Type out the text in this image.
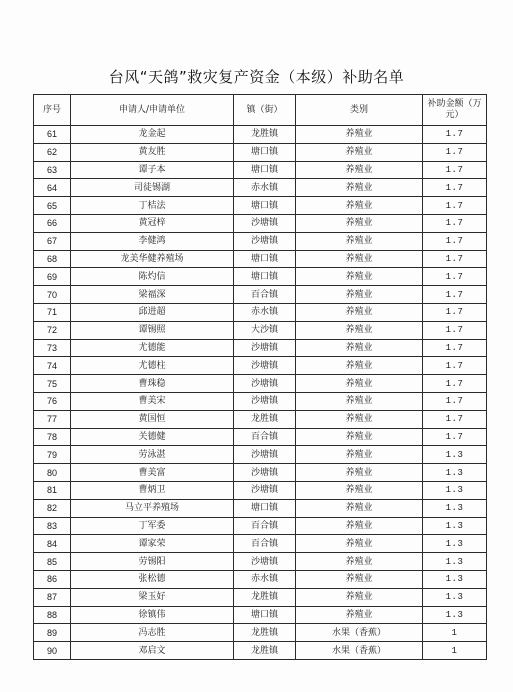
台风“天鸽”救灾复产资金（本级）补助名单
序号	申请人/申请单位	镇（街）	类别	补助金额（万元）
61	龙金起	龙胜镇	养殖业	1.7
62	黄友胜	塘口镇	养殖业	1.7
63	谭子本	塘口镇	养殖业	1.7
64	司徒锡湖	赤水镇	养殖业	1.7
65	丁桔法	塘口镇	养殖业	1.7
66	黄冠梓	沙塘镇	养殖业	1.7
67	李健鸿	沙塘镇	养殖业	1.7
68	龙美华健养殖场	塘口镇	养殖业	1.7
69	陈灼信	塘口镇	养殖业	1.7
70	梁福深	百合镇	养殖业	1.7
71	邱进超	赤水镇	养殖业	1.7
72	谭锡照	大沙镇	养殖业	1.7
73	尤德能	沙塘镇	养殖业	1.7
74	尤德柱	沙塘镇	养殖业	1.7
75	曹珠稳	沙塘镇	养殖业	1.7
76	曹美宋	沙塘镇	养殖业	1.7
77	黄国恒	龙胜镇	养殖业	1.7
78	关德健	百合镇	养殖业	1.7
79	劳泳湛	沙塘镇	养殖业	1.3
80	曹美富	沙塘镇	养殖业	1.3
81	曹炳卫	沙塘镇	养殖业	1.3
82	马立平养殖场	塘口镇	养殖业	1.3
83	丁军委	百合镇	养殖业	1.3
84	谭家荣	百合镇	养殖业	1.3
85	劳锡阳	沙塘镇	养殖业	1.3
86	张松德	赤水镇	养殖业	1.3
87	梁玉好	龙胜镇	养殖业	1.3
88	徐镇伟	塘口镇	养殖业	1.3
89	冯志胜	龙胜镇	水果（香蕉）	1
90	邓启文	龙胜镇	水果（香蕉）	1
